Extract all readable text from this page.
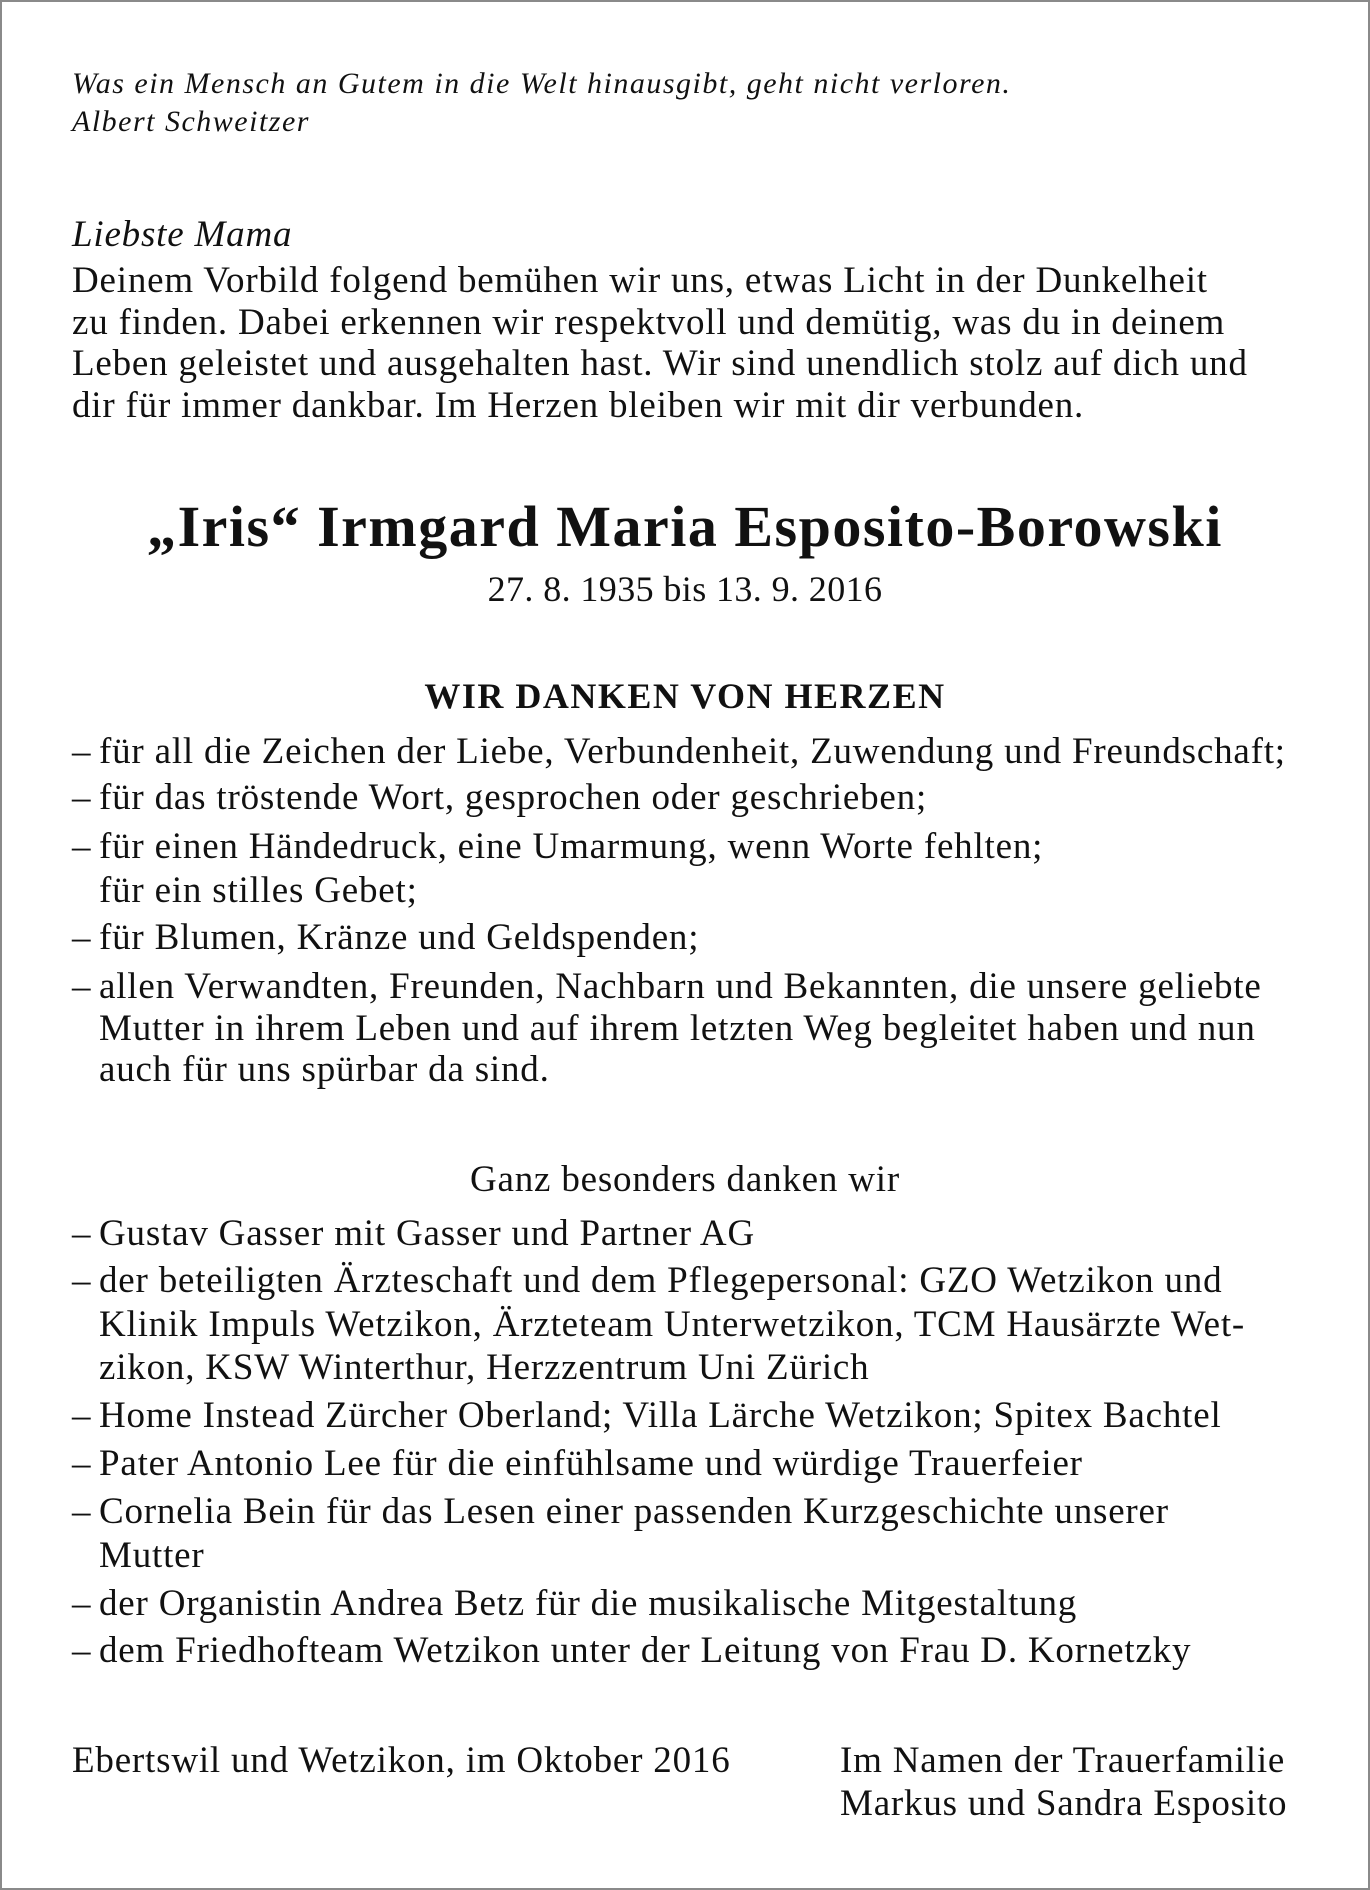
Was ein Mensch an Gutem in die Welt hinausgibt, geht nicht verloren.
Albert Schweitzer
Liebste Mama
Deinem Vorbild folgend bemühen wir uns, etwas Licht in der Dunkelheit
zu finden. Dabei erkennen wir respektvoll und demütig, was du in deinem
Leben geleistet und ausgehalten hast. Wir sind unendlich stolz auf dich und
dir für immer dankbar. Im Herzen bleiben wir mit dir verbunden.
„Iris“ Irmgard Maria Esposito-Borowski
27. 8. 1935 bis 13. 9. 2016
WIR DANKEN VON HERZEN
– für all die Zeichen der Liebe, Verbundenheit, Zuwendung und Freundschaft;
– für das tröstende Wort, gesprochen oder geschrieben;
– für einen Händedruck, eine Umarmung, wenn Worte fehlten;
für ein stilles Gebet;
– für Blumen, Kränze und Geldspenden;
– allen Verwandten, Freunden, Nachbarn und Bekannten, die unsere geliebte
Mutter in ihrem Leben und auf ihrem letzten Weg begleitet haben und nun
auch für uns spürbar da sind.
Ganz besonders danken wir
– Gustav Gasser mit Gasser und Partner AG
– der beteiligten Ärzteschaft und dem Pflegepersonal: GZO Wetzikon und
Klinik Impuls Wetzikon, Ärzteteam Unterwetzikon, TCM Hausärzte Wet-
zikon, KSW Winterthur, Herzzentrum Uni Zürich
– Home Instead Zürcher Oberland; Villa Lärche Wetzikon; Spitex Bachtel
– Pater Antonio Lee für die einfühlsame und würdige Trauerfeier
– Cornelia Bein für das Lesen einer passenden Kurzgeschichte unserer
Mutter
– der Organistin Andrea Betz für die musikalische Mitgestaltung
– dem Friedhofteam Wetzikon unter der Leitung von Frau D. Kornetzky
Ebertswil und Wetzikon, im Oktober 2016	Im Namen der Trauerfamilie
Markus und Sandra Esposito
